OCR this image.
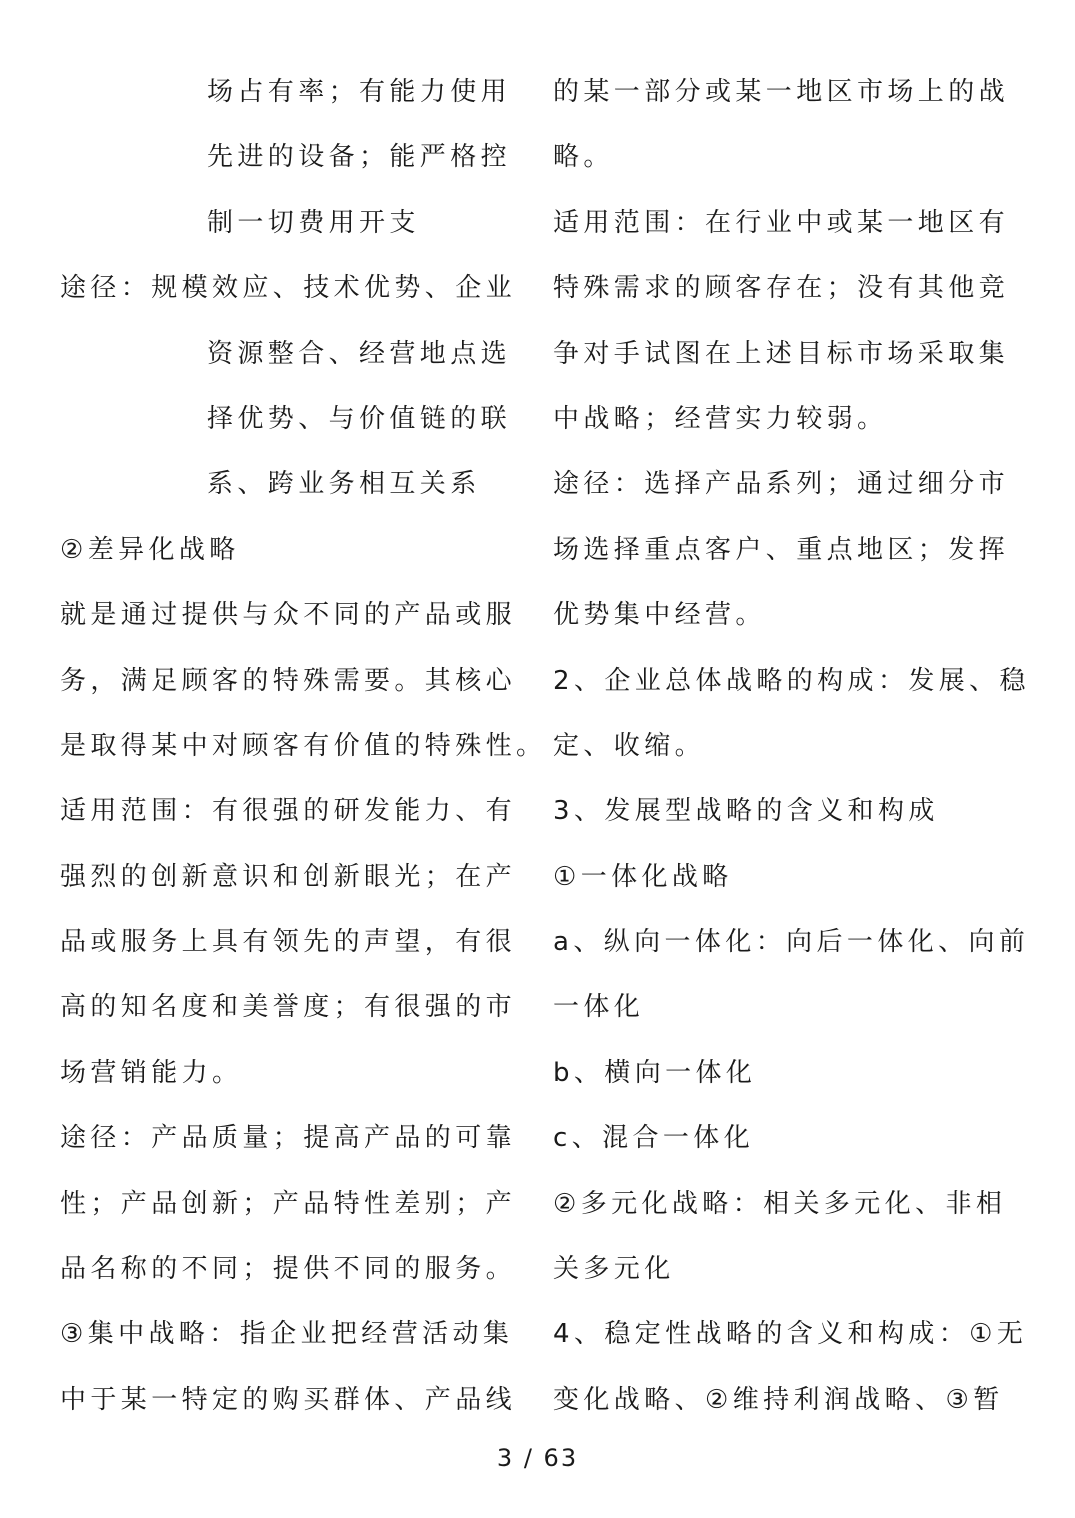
场占有率；有能力使用
先进的设备；能严格控
制一切费用开支
途径：规模效应、技术优势、企业
资源整合、经营地点选
择优势、与价值链的联
系、跨业务相互关系
②差异化战略
就是通过提供与众不同的产品或服
务，满足顾客的特殊需要。其核心
是取得某中对顾客有价值的特殊性。
适用范围：有很强的研发能力、有
强烈的创新意识和创新眼光；在产
品或服务上具有领先的声望，有很
高的知名度和美誉度；有很强的市
场营销能力。
途径：产品质量；提高产品的可靠
性；产品创新；产品特性差别；产
品名称的不同；提供不同的服务。
③集中战略：指企业把经营活动集
中于某一特定的购买群体、产品线
的某一部分或某一地区市场上的战
略。
适用范围：在行业中或某一地区有
特殊需求的顾客存在；没有其他竞
争对手试图在上述目标市场采取集
中战略；经营实力较弱。
途径：选择产品系列；通过细分市
场选择重点客户、重点地区；发挥
优势集中经营。
2、企业总体战略的构成：发展、稳
定、收缩。
3、发展型战略的含义和构成
①一体化战略
a、纵向一体化：向后一体化、向前
一体化
b、横向一体化
c、混合一体化
②多元化战略：相关多元化、非相
关多元化
4、稳定性战略的含义和构成：①无
变化战略、②维持利润战略、③暂
3 / 63
